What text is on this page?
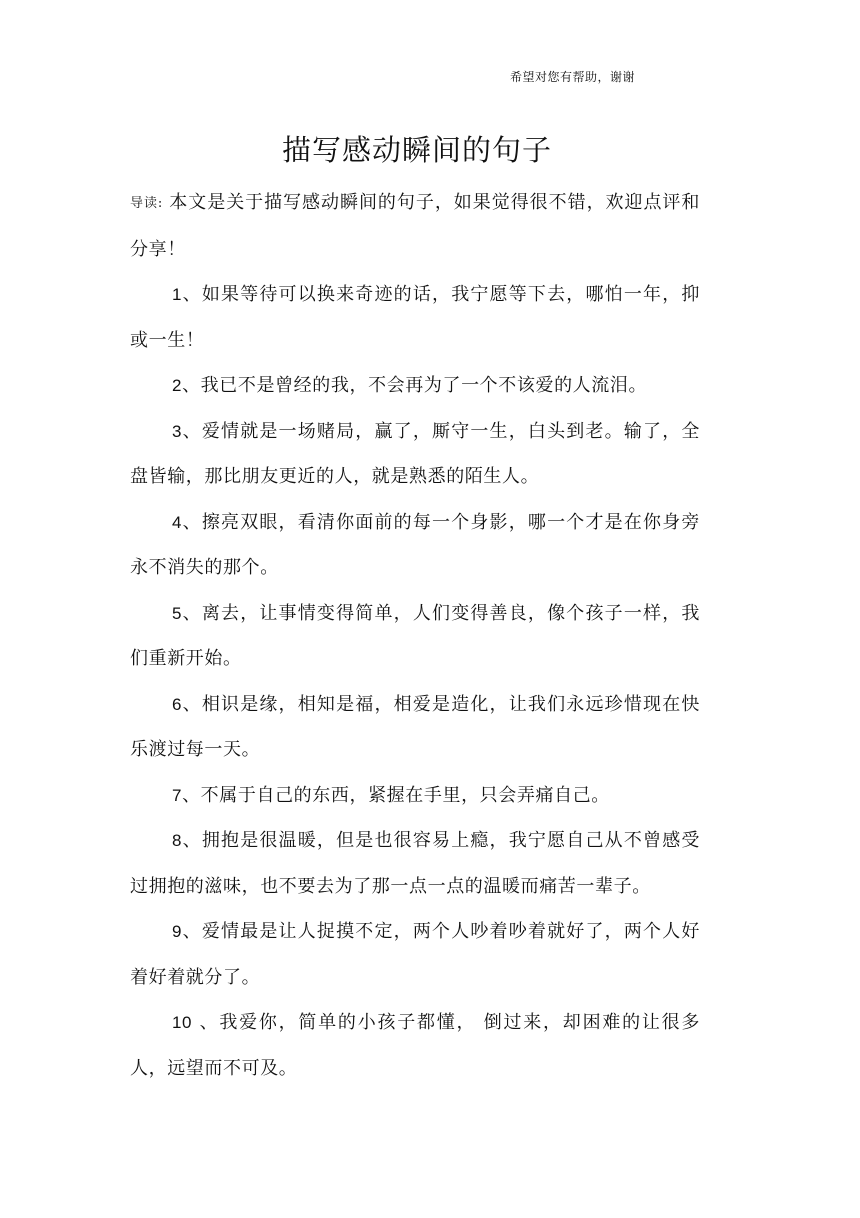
希望对您有帮助，谢谢
描写感动瞬间的句子

导读: 本文是关于描写感动瞬间的句子，如果觉得很不错，欢迎点评和分享！

1、如果等待可以换来奇迹的话，我宁愿等下去，哪怕一年，抑或一生！

2、我已不是曾经的我，不会再为了一个不该爱的人流泪。

3、爱情就是一场赌局，赢了，厮守一生，白头到老。输了，全盘皆输，那比朋友更近的人，就是熟悉的陌生人。

4、擦亮双眼，看清你面前的每一个身影，哪一个才是在你身旁永不消失的那个。

5、离去，让事情变得简单，人们变得善良，像个孩子一样，我们重新开始。

6、相识是缘，相知是福，相爱是造化，让我们永远珍惜现在快乐渡过每一天。

7、不属于自己的东西，紧握在手里，只会弄痛自己。

8、拥抱是很温暖，但是也很容易上瘾，我宁愿自己从不曾感受过拥抱的滋味，也不要去为了那一点一点的温暖而痛苦一辈子。

9、爱情最是让人捉摸不定，两个人吵着吵着就好了，两个人好着好着就分了。

10 、我爱你，简单的小孩子都懂， 倒过来，却困难的让很多人，远望而不可及。
